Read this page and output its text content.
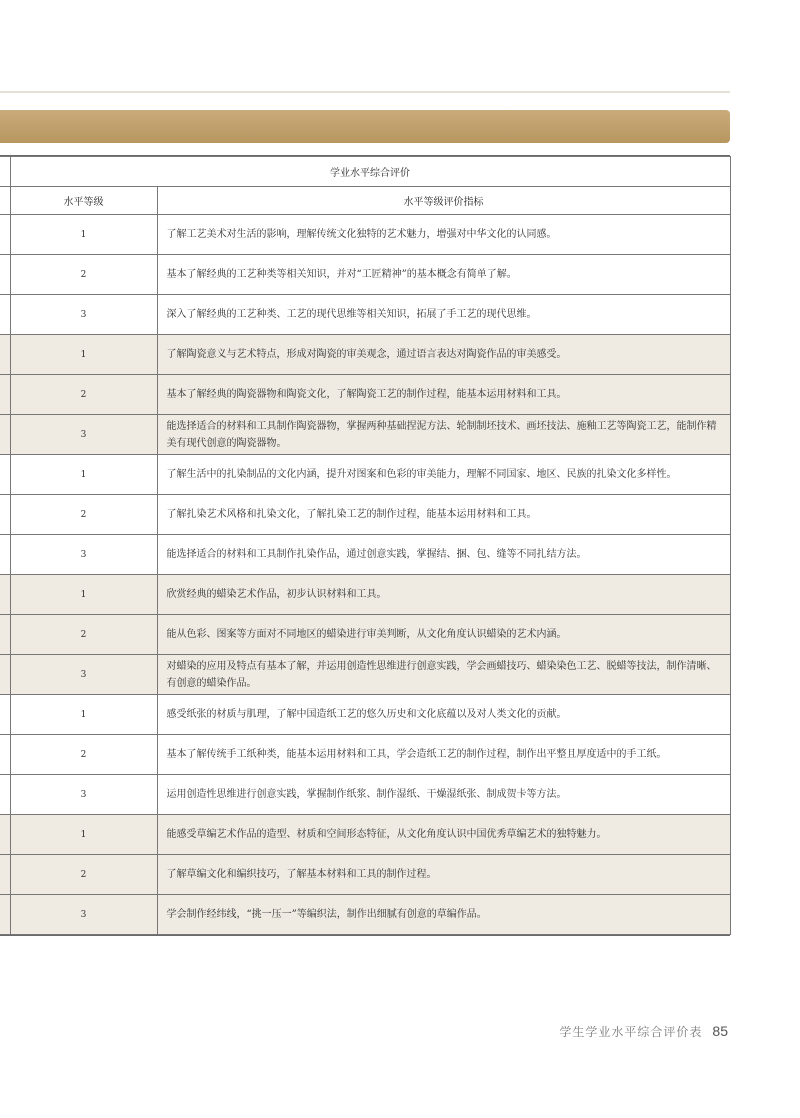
	学业水平综合评价	
	水平等级	水平等级评价指标
	1	了解工艺美术对生活的影响，理解传统文化独特的艺术魅力，增强对中华文化的认同感。
	2	基本了解经典的工艺种类等相关知识，并对“工匠精神”的基本概念有简单了解。
	3	深入了解经典的工艺种类、工艺的现代思维等相关知识，拓展了手工艺的现代思维。
	1	了解陶瓷意义与艺术特点，形成对陶瓷的审美观念，通过语言表达对陶瓷作品的审美感受。
	2	基本了解经典的陶瓷器物和陶瓷文化，了解陶瓷工艺的制作过程，能基本运用材料和工具。
	3	能选择适合的材料和工具制作陶瓷器物，掌握两种基础捏泥方法、轮制制坯技术、画坯技法、施釉工艺等陶瓷工艺，能制作精美有现代创意的陶瓷器物。
	1	了解生活中的扎染制品的文化内涵，提升对图案和色彩的审美能力，理解不同国家、地区、民族的扎染文化多样性。
	2	了解扎染艺术风格和扎染文化，了解扎染工艺的制作过程，能基本运用材料和工具。
	3	能选择适合的材料和工具制作扎染作品，通过创意实践，掌握结、捆、包、缝等不同扎结方法。
	1	欣赏经典的蜡染艺术作品，初步认识材料和工具。
	2	能从色彩、图案等方面对不同地区的蜡染进行审美判断，从文化角度认识蜡染的艺术内涵。
	3	对蜡染的应用及特点有基本了解，并运用创造性思维进行创意实践，学会画蜡技巧、蜡染染色工艺、脱蜡等技法，制作清晰、有创意的蜡染作品。
	1	感受纸张的材质与肌理，了解中国造纸工艺的悠久历史和文化底蕴以及对人类文化的贡献。
	2	基本了解传统手工纸种类，能基本运用材料和工具，学会造纸工艺的制作过程，制作出平整且厚度适中的手工纸。
	3	运用创造性思维进行创意实践，掌握制作纸浆、制作湿纸、干燥湿纸张、制成贺卡等方法。
	1	能感受草编艺术作品的造型、材质和空间形态特征，从文化角度认识中国优秀草编艺术的独特魅力。
	2	了解草编文化和编织技巧，了解基本材料和工具的制作过程。
	3	学会制作经纬线，“挑一压一”等编织法，制作出细腻有创意的草编作品。
学生学业水平综合评价表 85
